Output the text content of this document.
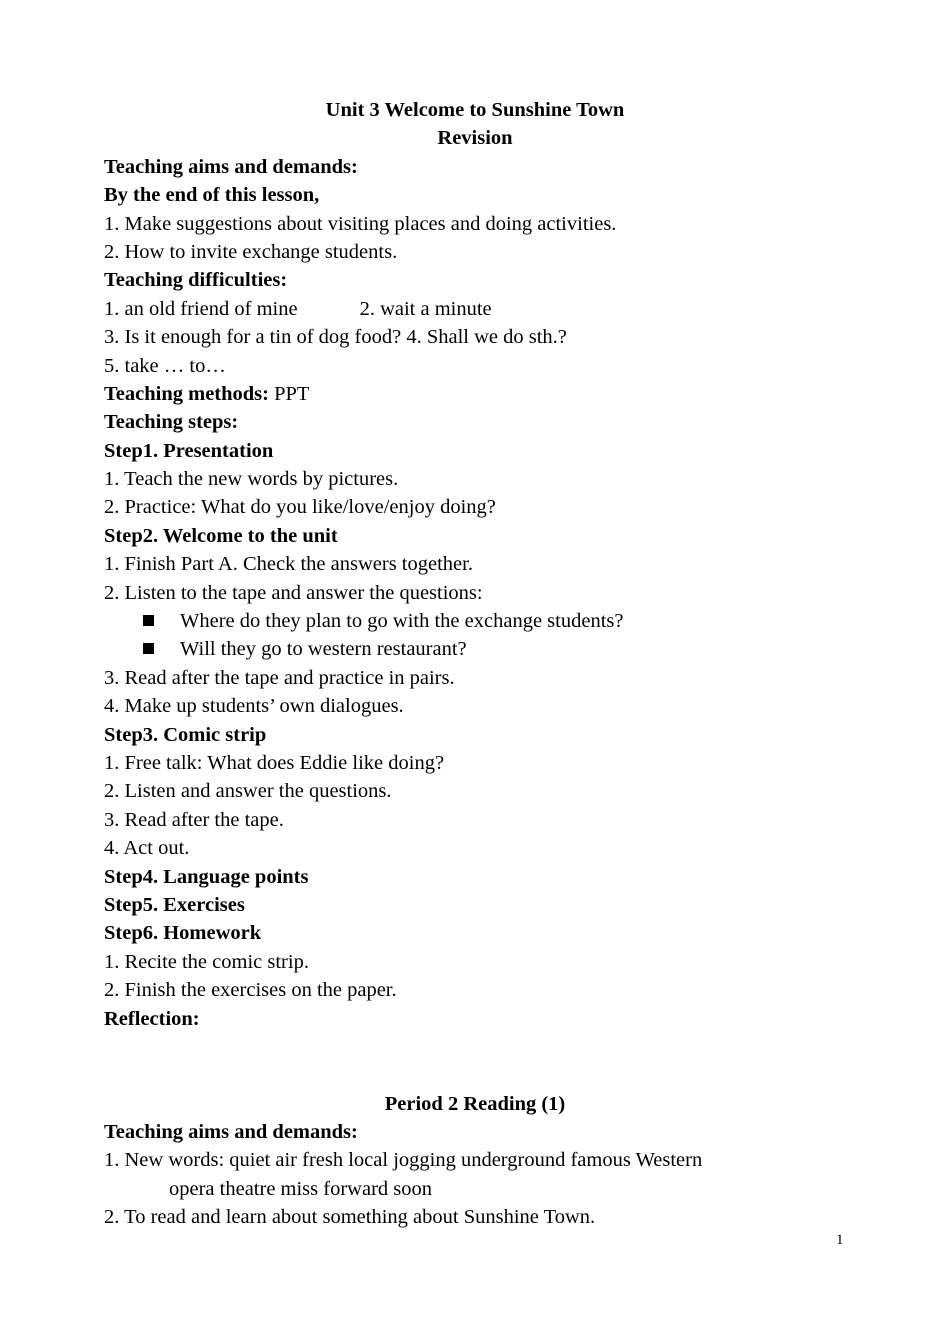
Unit 3 Welcome to Sunshine Town
Revision
Teaching aims and demands:
By the end of this lesson,
1. Make suggestions about visiting places and doing activities.
2. How to invite exchange students.
Teaching difficulties:
1. an old friend of mine	2. wait a minute
3. Is it enough for a tin of dog food? 4. Shall we do sth.?
5. take … to…
Teaching methods: PPT
Teaching steps:
Step1. Presentation
1. Teach the new words by pictures.
2. Practice: What do you like/love/enjoy doing?
Step2. Welcome to the unit
1. Finish Part A. Check the answers together.
2. Listen to the tape and answer the questions:
Where do they plan to go with the exchange students?
Will they go to western restaurant?
3. Read after the tape and practice in pairs.
4. Make up students’ own dialogues.
Step3. Comic strip
1. Free talk: What does Eddie like doing?
2. Listen and answer the questions.
3. Read after the tape.
4. Act out.
Step4. Language points
Step5. Exercises
Step6. Homework
1. Recite the comic strip.
2. Finish the exercises on the paper.
Reflection:
Period 2 Reading (1)
Teaching aims and demands:
1. New words: quiet air fresh local jogging underground famous Western
opera theatre miss forward soon
2. To read and learn about something about Sunshine Town.
1
